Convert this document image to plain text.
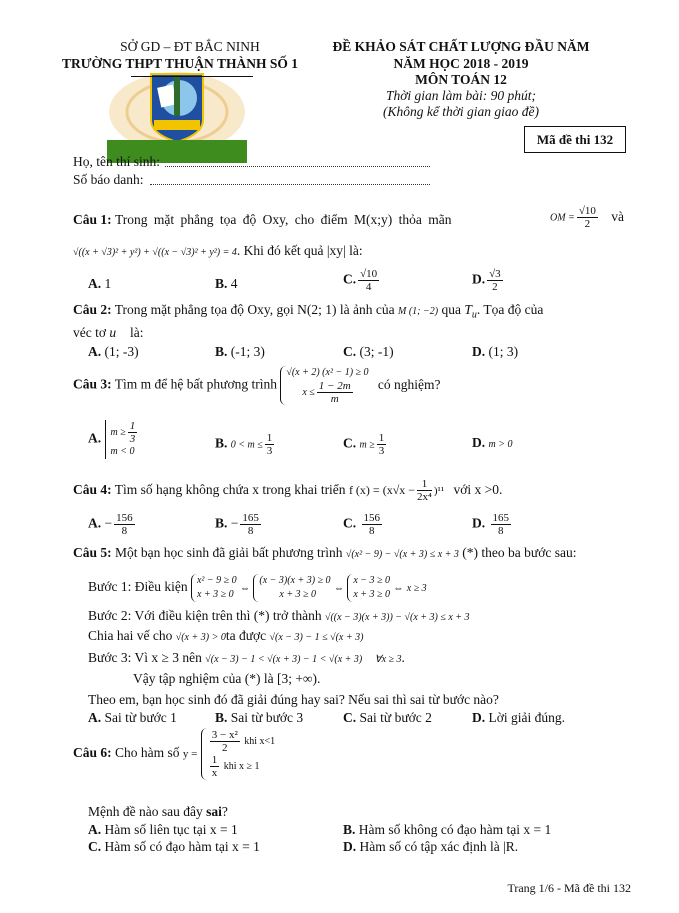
SỞ GD – ĐT BẮC NINH
TRƯỜNG THPT THUẬN THÀNH SỐ 1
ĐỀ KHẢO SÁT CHẤT LƯỢNG ĐẦU NĂM
NĂM HỌC 2018 - 2019
MÔN TOÁN 12
Thời gian làm bài: 90 phút;
(Không kể thời gian giao đề)
Mã đề thi 132
Họ, tên thí sinh:
Số báo danh:
Câu 1: Trong mặt phẳng tọa độ Oxy, cho điểm M(x;y) thỏa mãn	OM = $\frac{√10}{2}$ và
√((x + √3)² + y²) + √((x − √3)² + y²) = 4. Khi đó kết quả |xy| là:
A. 1	B. 4	C. $\frac{√10}{4}$	D. $\frac{√3}{2}$
Câu 2: Trong mặt phẳng tọa độ Oxy, gọi N(2; 1) là ảnh của M (1; −2) qua $T_u$. Tọa độ của
véc tơ u⃗ là:
A. (1; -3)	B. (-1; 3)	C. (3; -1)	D. (1; 3)
Câu 3: Tìm m để hệ bất phương trình √(x + 2) (x² − 1) ≥ 0
$x \le \frac{1 - 2m}{m}$ có nghiệm?
A. $m \ge \frac{1}{3}$

m < 0
B. $0 < m \le \frac{1}{3}$	C. $m \ge \frac{1}{3}$	D. m > 0
Câu 4: Tìm số hạng không chứa x trong khai triển f $(x) = (x√x - \frac{1}{\text{2x⁴}} )^{11}$ với x >0.
A. − $\frac{156}{8}$	B. − $\frac{165}{8}$	C. $\frac{156}{8}$	D. $\frac{165}{8}$
Câu 5: Một bạn học sinh đã giải bất phương trình √(x² − 9) − √(x + 3) ≤ x + 3 (*) theo ba bước sau:
Bước 1: Điều kiện x² − 9 ≥ 0
x + 3 ≥ 0 ⇔ (x − 3)(x + 3) ≥ 0
x + 3 ≥ 0 ⇔ x − 3 ≥ 0
x + 3 ≥ 0 ⇔ x ≥ 3
Bước 2: Với điều kiện trên thì (*) trở thành √((x − 3)(x + 3)) − √(x + 3) ≤ x + 3
Chia hai vế cho √(x + 3) > 0ta được √(x − 3) − 1 ≤ √(x + 3)
Bước 3: Vì x ≥ 3 nên √(x − 3) − 1 < √(x + 3) − 1 < √(x + 3)     ∀x ≥ 3.
Vậy tập nghiệm của (*) là [3; +∞).
Theo em, bạn học sinh đó đã giải đúng hay sai? Nếu sai thì sai từ bước nào?
A. Sai từ bước 1	B. Sai từ bước 3	C. Sai từ bước 2	D. Lời giải đúng.
Câu 6: Cho hàm số y =
$\frac{\text{3 − x²}}{2}$ khi x<1

$\frac{1}{x}$ khi x ≥ 1
Mệnh đề nào sau đây sai?
A. Hàm số liên tục tại x = 1	B. Hàm số không có đạo hàm tại x = 1
C. Hàm số có đạo hàm tại x = 1	D. Hàm số có tập xác định là |R.
Trang 1/6 - Mã đề thi 132
